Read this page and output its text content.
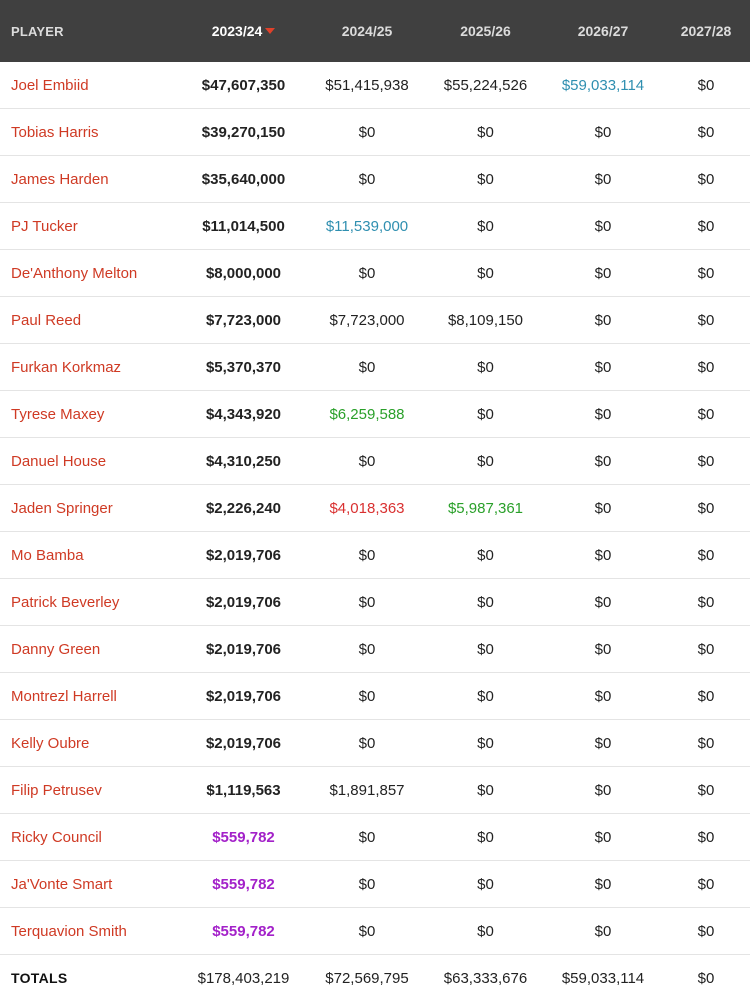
PLAYER	2023/24	2024/25	2025/26	2026/27	2027/28
Joel Embiid	$47,607,350	$51,415,938	$55,224,526	$59,033,114	$0
Tobias Harris	$39,270,150	$0	$0	$0	$0
James Harden	$35,640,000	$0	$0	$0	$0
PJ Tucker	$11,014,500	$11,539,000	$0	$0	$0
De'Anthony Melton	$8,000,000	$0	$0	$0	$0
Paul Reed	$7,723,000	$7,723,000	$8,109,150	$0	$0
Furkan Korkmaz	$5,370,370	$0	$0	$0	$0
Tyrese Maxey	$4,343,920	$6,259,588	$0	$0	$0
Danuel House	$4,310,250	$0	$0	$0	$0
Jaden Springer	$2,226,240	$4,018,363	$5,987,361	$0	$0
Mo Bamba	$2,019,706	$0	$0	$0	$0
Patrick Beverley	$2,019,706	$0	$0	$0	$0
Danny Green	$2,019,706	$0	$0	$0	$0
Montrezl Harrell	$2,019,706	$0	$0	$0	$0
Kelly Oubre	$2,019,706	$0	$0	$0	$0
Filip Petrusev	$1,119,563	$1,891,857	$0	$0	$0
Ricky Council	$559,782	$0	$0	$0	$0
Ja'Vonte Smart	$559,782	$0	$0	$0	$0
Terquavion Smith	$559,782	$0	$0	$0	$0
TOTALS	$178,403,219	$72,569,795	$63,333,676	$59,033,114	$0
